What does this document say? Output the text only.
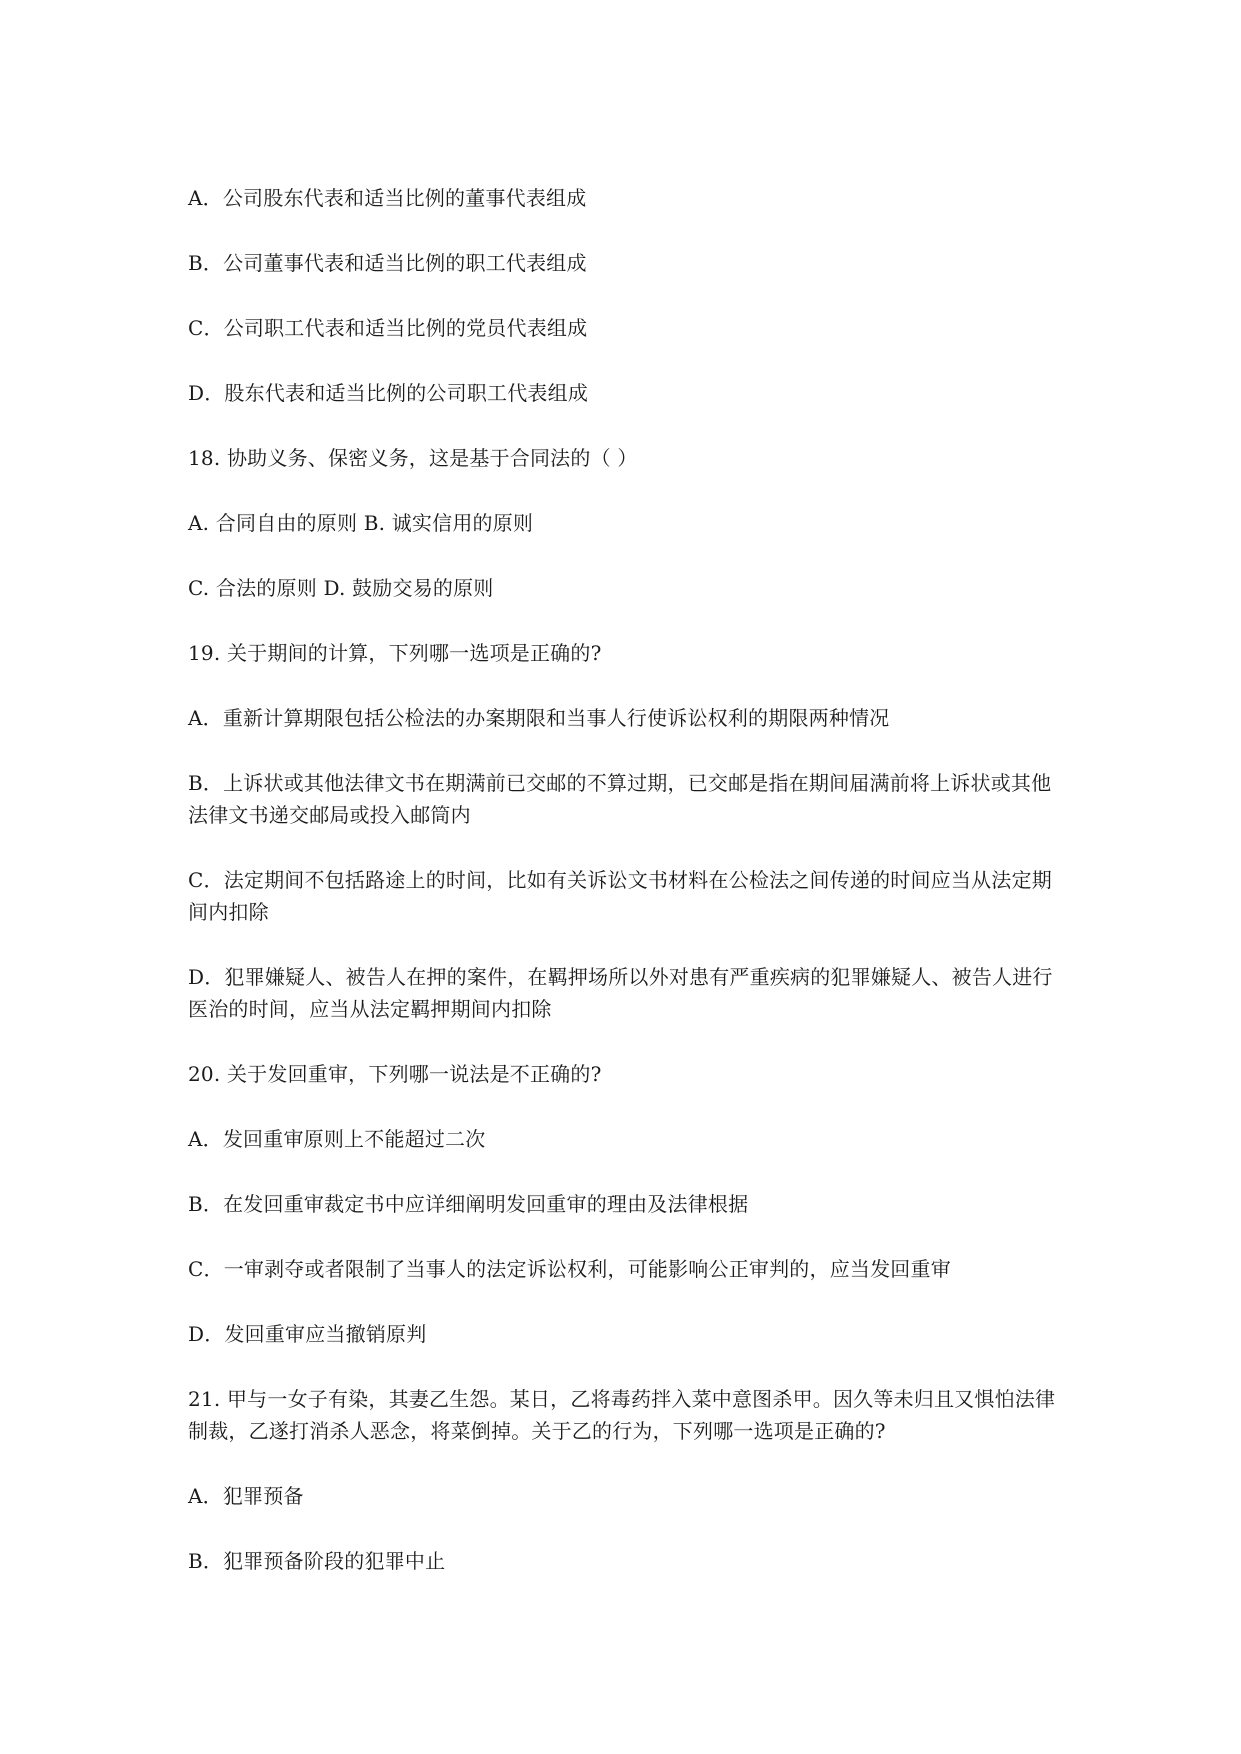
A．公司股东代表和适当比例的董事代表组成

B．公司董事代表和适当比例的职工代表组成

C．公司职工代表和适当比例的党员代表组成

D．股东代表和适当比例的公司职工代表组成

18. 协助义务、保密义务，这是基于合同法的（ ）

A. 合同自由的原则 B. 诚实信用的原则

C. 合法的原则 D. 鼓励交易的原则

19. 关于期间的计算，下列哪一选项是正确的?

A．重新计算期限包括公检法的办案期限和当事人行使诉讼权利的期限两种情况

B．上诉状或其他法律文书在期满前已交邮的不算过期，已交邮是指在期间届满前将上诉状或其他法律文书递交邮局或投入邮筒内

C．法定期间不包括路途上的时间，比如有关诉讼文书材料在公检法之间传递的时间应当从法定期间内扣除

D．犯罪嫌疑人、被告人在押的案件，在羁押场所以外对患有严重疾病的犯罪嫌疑人、被告人进行医治的时间，应当从法定羁押期间内扣除

20. 关于发回重审，下列哪一说法是不正确的?

A．发回重审原则上不能超过二次

B．在发回重审裁定书中应详细阐明发回重审的理由及法律根据

C．一审剥夺或者限制了当事人的法定诉讼权利，可能影响公正审判的，应当发回重审

D．发回重审应当撤销原判

21. 甲与一女子有染，其妻乙生怨。某日，乙将毒药拌入菜中意图杀甲。因久等未归且又惧怕法律制裁，乙遂打消杀人恶念，将菜倒掉。关于乙的行为，下列哪一选项是正确的?

A．犯罪预备

B．犯罪预备阶段的犯罪中止
